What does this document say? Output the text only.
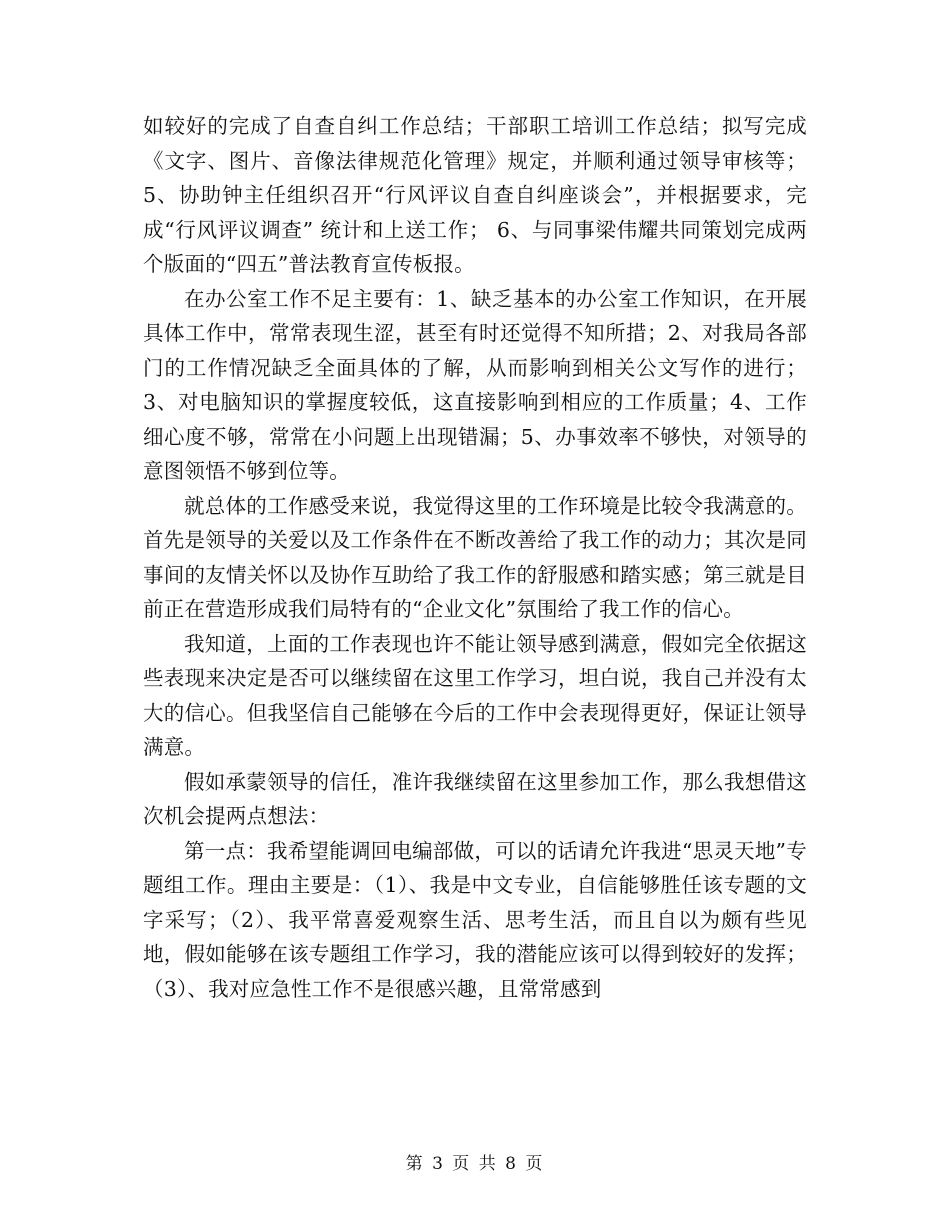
如较好的完成了自查自纠工作总结；干部职工培训工作总结；拟写完成《文字、图片、音像法律规范化管理》规定，并顺利通过领导审核等；5、协助钟主任组织召开“行风评议自查自纠座谈会”，并根据要求，完成“行风评议调查” 统计和上送工作； 6、与同事梁伟耀共同策划完成两个版面的“四五”普法教育宣传板报。

在办公室工作不足主要有：1、缺乏基本的办公室工作知识，在开展具体工作中，常常表现生涩，甚至有时还觉得不知所措；2、对我局各部门的工作情况缺乏全面具体的了解，从而影响到相关公文写作的进行；3、对电脑知识的掌握度较低，这直接影响到相应的工作质量；4、工作细心度不够，常常在小问题上出现错漏；5、办事效率不够快，对领导的意图领悟不够到位等。

就总体的工作感受来说，我觉得这里的工作环境是比较令我满意的。首先是领导的关爱以及工作条件在不断改善给了我工作的动力；其次是同事间的友情关怀以及协作互助给了我工作的舒服感和踏实感；第三就是目前正在营造形成我们局特有的“企业文化”氛围给了我工作的信心。

我知道，上面的工作表现也许不能让领导感到满意，假如完全依据这些表现来决定是否可以继续留在这里工作学习，坦白说，我自己并没有太大的信心。但我坚信自己能够在今后的工作中会表现得更好，保证让领导满意。

假如承蒙领导的信任，准许我继续留在这里参加工作，那么我想借这次机会提两点想法：

第一点：我希望能调回电编部做，可以的话请允许我进“思灵天地”专题组工作。理由主要是：（1）、我是中文专业，自信能够胜任该专题的文字采写；（2）、我平常喜爱观察生活、思考生活，而且自以为颇有些见地，假如能够在该专题组工作学习，我的潜能应该可以得到较好的发挥；（3）、我对应急性工作不是很感兴趣，且常常感到

第 3 页 共 8 页
